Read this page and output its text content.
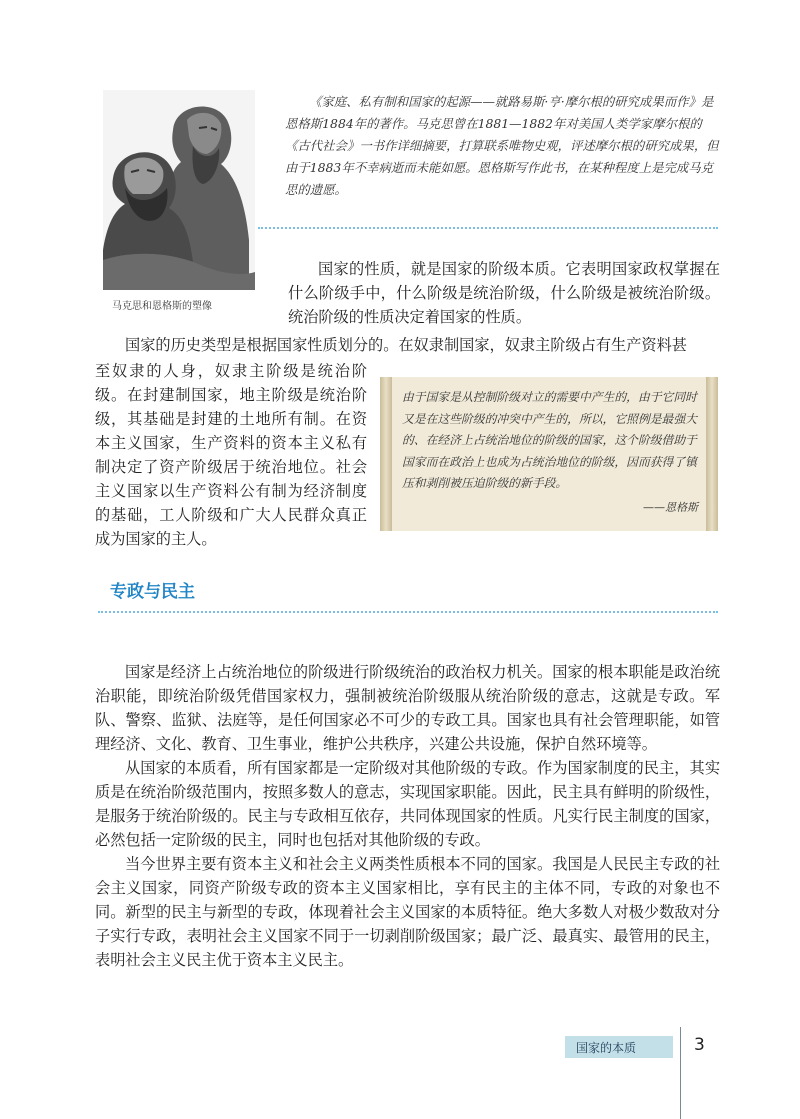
马克思和恩格斯的塑像
《家庭、私有制和国家的起源——就路易斯·亨·摩尔根的研究成果而作》是恩格斯1884年的著作。马克思曾在1881—1882年对美国人类学家摩尔根的《古代社会》一书作详细摘要，打算联系唯物史观，评述摩尔根的研究成果，但由于1883年不幸病逝而未能如愿。恩格斯写作此书，在某种程度上是完成马克思的遗愿。
国家的性质，就是国家的阶级本质。它表明国家政权掌握在什么阶级手中，什么阶级是统治阶级，什么阶级是被统治阶级。统治阶级的性质决定着国家的性质。
国家的历史类型是根据国家性质划分的。在奴隶制国家，奴隶主阶级占有生产资料甚
至奴隶的人身，奴隶主阶级是统治阶级。在封建制国家，地主阶级是统治阶级，其基础是封建的土地所有制。在资本主义国家，生产资料的资本主义私有制决定了资产阶级居于统治地位。社会主义国家以生产资料公有制为经济制度的基础，工人阶级和广大人民群众真正成为国家的主人。
由于国家是从控制阶级对立的需要中产生的，由于它同时又是在这些阶级的冲突中产生的，所以，它照例是最强大的、在经济上占统治地位的阶级的国家，这个阶级借助于国家而在政治上也成为占统治地位的阶级，因而获得了镇压和剥削被压迫阶级的新手段。
——恩格斯
专政与民主

国家是经济上占统治地位的阶级进行阶级统治的政治权力机关。国家的根本职能是政治统治职能，即统治阶级凭借国家权力，强制被统治阶级服从统治阶级的意志，这就是专政。军队、警察、监狱、法庭等，是任何国家必不可少的专政工具。国家也具有社会管理职能，如管理经济、文化、教育、卫生事业，维护公共秩序，兴建公共设施，保护自然环境等。

从国家的本质看，所有国家都是一定阶级对其他阶级的专政。作为国家制度的民主，其实质是在统治阶级范围内，按照多数人的意志，实现国家职能。因此，民主具有鲜明的阶级性，是服务于统治阶级的。民主与专政相互依存，共同体现国家的性质。凡实行民主制度的国家，必然包括一定阶级的民主，同时也包括对其他阶级的专政。

当今世界主要有资本主义和社会主义两类性质根本不同的国家。我国是人民民主专政的社会主义国家，同资产阶级专政的资本主义国家相比，享有民主的主体不同，专政的对象也不同。新型的民主与新型的专政，体现着社会主义国家的本质特征。绝大多数人对极少数敌对分子实行专政，表明社会主义国家不同于一切剥削阶级国家；最广泛、最真实、最管用的民主，表明社会主义民主优于资本主义民主。

国家的本质	3
